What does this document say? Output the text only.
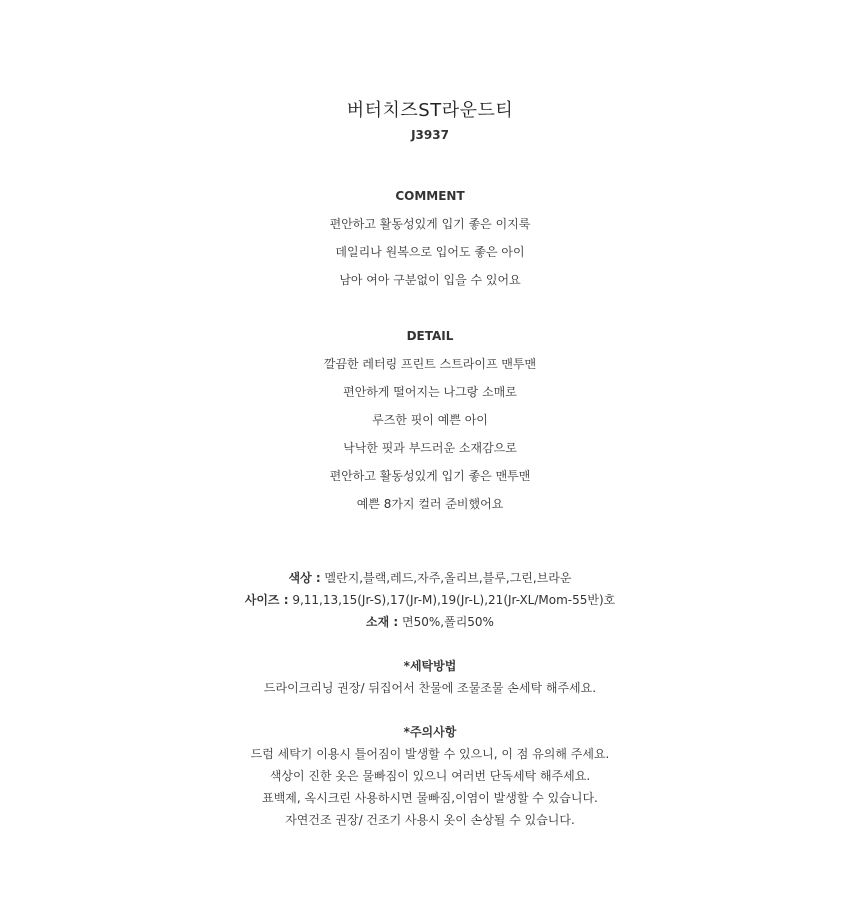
버터치즈ST라운드티
J3937
COMMENT
편안하고 활동성있게 입기 좋은 이지룩
데일리나 원복으로 입어도 좋은 아이
남아 여아 구분없이 입을 수 있어요
DETAIL
깔끔한 레터링 프린트 스트라이프 맨투맨
편안하게 떨어지는 나그랑 소매로
루즈한 핏이 예쁜 아이
낙낙한 핏과 부드러운 소재감으로
편안하고 활동성있게 입기 좋은 맨투맨
예쁜 8가지 컬러 준비했어요
색상 : 멜란지,블랙,레드,자주,올리브,블루,그린,브라운
사이즈 : 9,11,13,15(Jr-S),17(Jr-M),19(Jr-L),21(Jr-XL/Mom-55반)호
소재 : 면50%,폴리50%
*세탁방법
드라이크리닝 권장/ 뒤집어서 찬물에 조물조물 손세탁 해주세요.
*주의사항
드럼 세탁기 이용시 틀어짐이 발생할 수 있으니, 이 점 유의해 주세요.
색상이 진한 옷은 물빠짐이 있으니 여러번 단독세탁 해주세요.
표백제, 옥시크린 사용하시면 물빠짐,이염이 발생할 수 있습니다.
자연건조 권장/ 건조기 사용시 옷이 손상될 수 있습니다.
